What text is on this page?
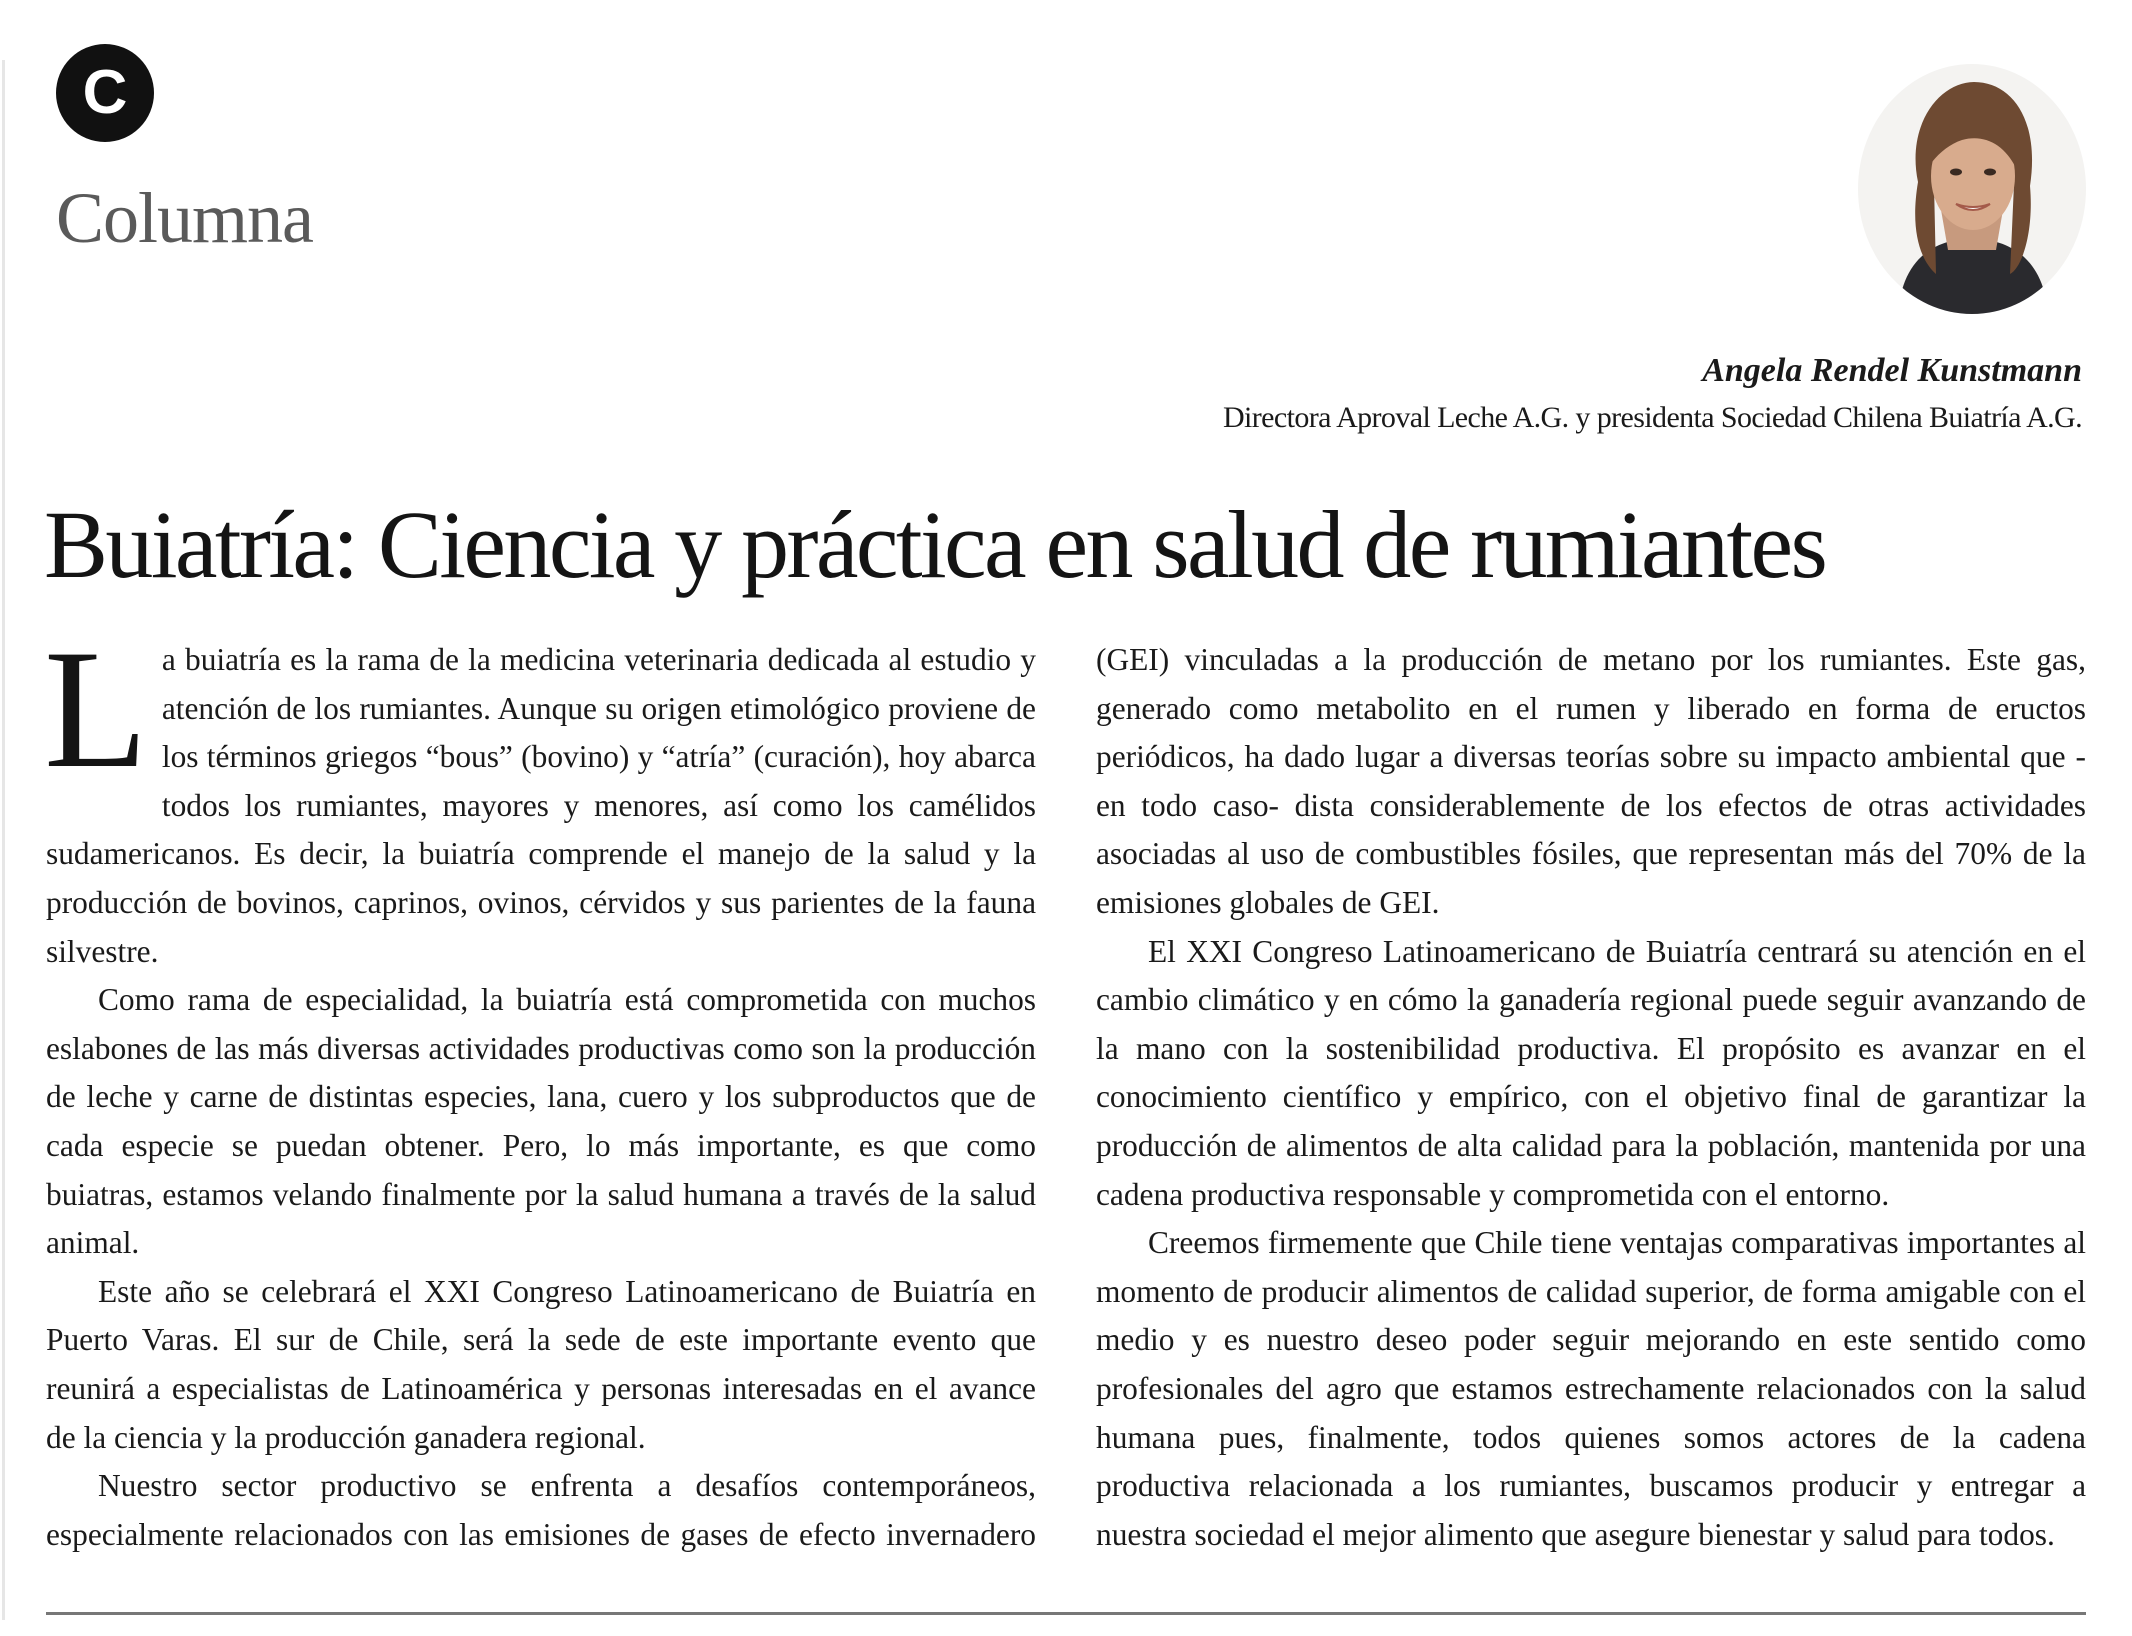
C
Columna
Angela Rendel Kunstmann
Directora Aproval Leche A.G. y presidenta Sociedad Chilena Buiatría A.G.
Buiatría: Ciencia y práctica en salud de rumiantes

La buiatría es la rama de la medicina veterinaria dedicada al estudio y atención de los rumiantes. Aunque su origen etimológico proviene de los términos griegos “bous” (bovino) y “atría” (curación), hoy abarca todos los rumiantes, mayores y menores, así como los camélidos sudamericanos. Es decir, la buiatría comprende el manejo de la salud y la producción de bovinos, caprinos, ovinos, cérvidos y sus parientes de la fauna silvestre.

Como rama de especialidad, la buiatría está comprometida con muchos eslabones de las más diversas actividades productivas como son la producción de leche y carne de distintas especies, lana, cuero y los subproductos que de cada especie se puedan obtener. Pero, lo más importante, es que como buiatras, estamos velando finalmente por la salud humana a través de la salud animal.

Este año se celebrará el XXI Congreso Latinoamericano de Buiatría en Puerto Varas. El sur de Chile, será la sede de este importante evento que reunirá a especialistas de Latinoamérica y personas interesadas en el avance de la ciencia y la producción ganadera regional.

Nuestro sector productivo se enfrenta a desafíos contemporáneos, especialmente relacionados con las emisiones de gases de efecto invernadero (GEI) vinculadas a la producción de metano por los rumiantes. Este gas, generado como metabolito en el rumen y liberado en forma de eructos periódicos, ha dado lugar a diversas teorías sobre su impacto ambiental que -en todo caso- dista considerablemente de los efectos de otras actividades asociadas al uso de combustibles fósiles, que representan más del 70% de la emisiones globales de GEI.

El XXI Congreso Latinoamericano de Buiatría centrará su atención en el cambio climático y en cómo la ganadería regional puede seguir avanzando de la mano con la sostenibilidad productiva. El propósito es avanzar en el conocimiento científico y empírico, con el objetivo final de garantizar la producción de alimentos de alta calidad para la población, mantenida por una cadena productiva responsable y comprometida con el entorno.

Creemos firmemente que Chile tiene ventajas comparativas importantes al momento de producir alimentos de calidad superior, de forma amigable con el medio y es nuestro deseo poder seguir mejorando en este sentido como profesionales del agro que estamos estrechamente relacionados con la salud humana pues, finalmente, todos quienes somos actores de la cadena productiva relacionada a los rumiantes, buscamos producir y entregar a nuestra sociedad el mejor alimento que asegure bienestar y salud para todos.
